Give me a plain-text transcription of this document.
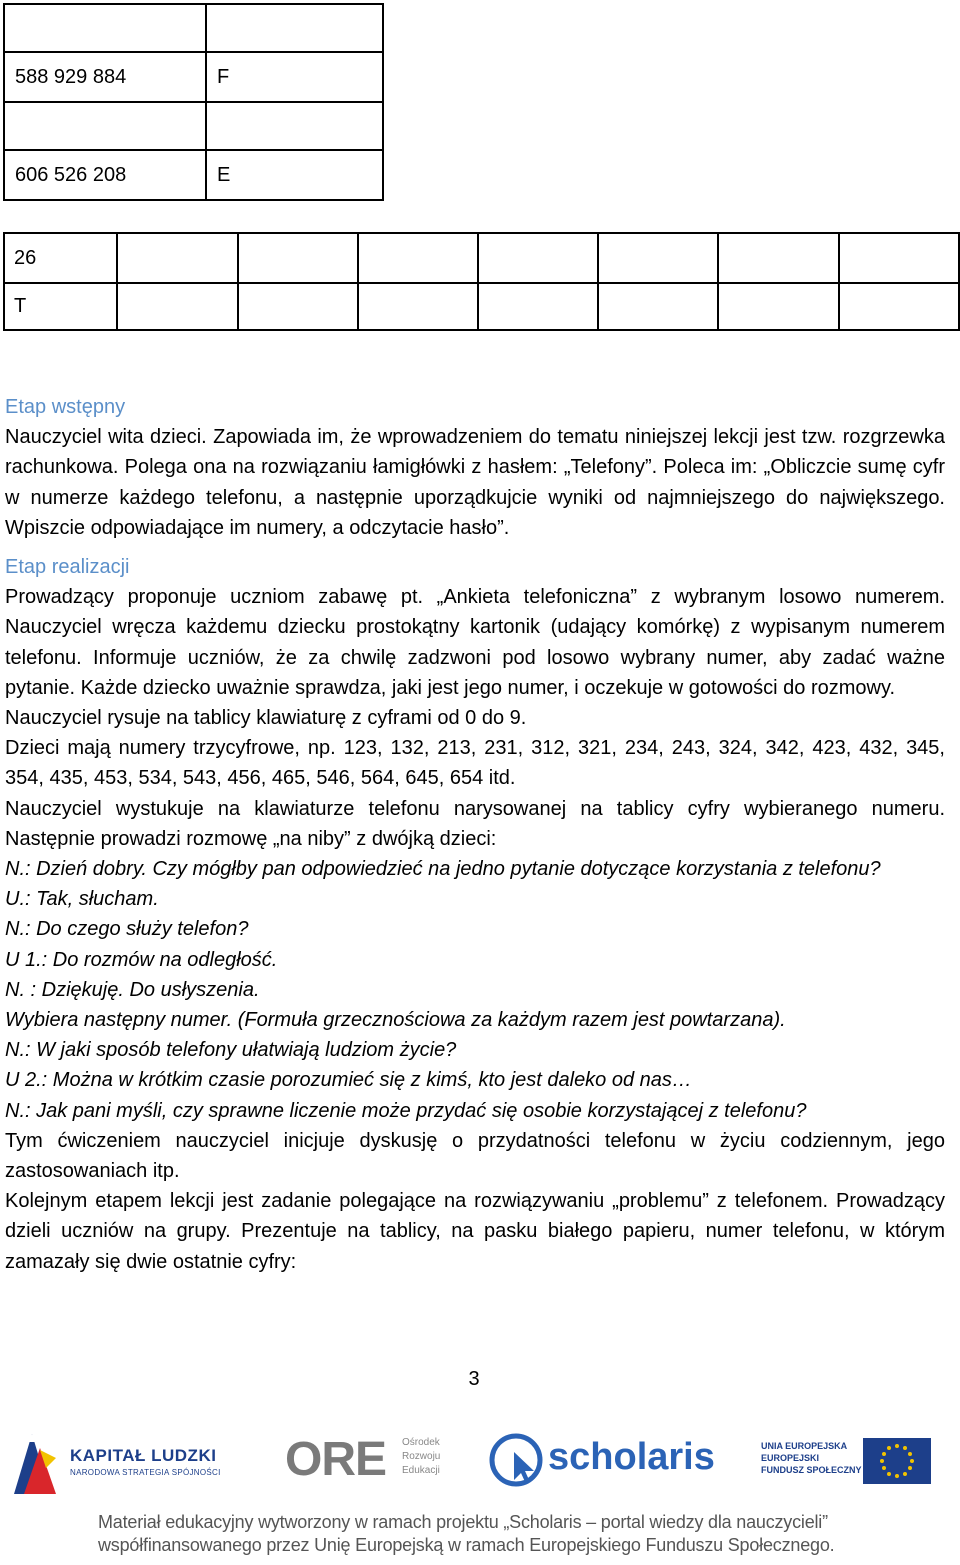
588 929 884	F

606 526 208	E
26							
T							

Etap wstępny

Nauczyciel wita dzieci. Zapowiada im, że wprowadzeniem do tematu niniejszej lekcji jest tzw. rozgrzewka rachunkowa. Polega ona na rozwiązaniu łamigłówki z hasłem: „Telefony”. Poleca im: „Obliczcie sumę cyfr w numerze każdego telefonu, a następnie uporządkujcie wyniki od najmniejszego do największego. Wpiszcie odpowiadające im numery, a odczytacie hasło”.

Etap realizacji

Prowadzący proponuje uczniom zabawę pt. „Ankieta telefoniczna” z wybranym losowo numerem. Nauczyciel wręcza każdemu dziecku prostokątny kartonik (udający komórkę) z wypisanym numerem telefonu. Informuje uczniów, że za chwilę zadzwoni pod losowo wybrany numer, aby zadać ważne pytanie. Każde dziecko uważnie sprawdza, jaki jest jego numer, i oczekuje w gotowości do rozmowy.

Nauczyciel rysuje na tablicy klawiaturę z cyframi od 0 do 9.

Dzieci mają numery trzycyfrowe, np. 123, 132, 213, 231, 312, 321, 234, 243, 324, 342, 423, 432, 345, 354, 435, 453, 534, 543, 456, 465, 546, 564, 645, 654 itd.

Nauczyciel wystukuje na klawiaturze telefonu narysowanej na tablicy cyfry wybieranego numeru. Następnie prowadzi rozmowę „na niby” z dwójką dzieci:

N.: Dzień dobry. Czy mógłby pan odpowiedzieć na jedno pytanie dotyczące korzystania z telefonu?

U.: Tak, słucham.

N.: Do czego służy telefon?

U 1.: Do rozmów na odległość.

N. : Dziękuję. Do usłyszenia.

Wybiera następny numer. (Formuła grzecznościowa za każdym razem jest powtarzana).

N.: W jaki sposób telefony ułatwiają ludziom życie?

U 2.: Można w krótkim czasie porozumieć się z kimś, kto jest daleko od nas…

N.: Jak pani myśli, czy sprawne liczenie może przydać się osobie korzystającej z telefonu?

Tym ćwiczeniem nauczyciel inicjuje dyskusję o przydatności telefonu w życiu codziennym, jego zastosowaniach itp.

Kolejnym etapem lekcji jest zadanie polegające na rozwiązywaniu „problemu” z telefonem. Prowadzący dzieli uczniów na grupy. Prezentuje na tablicy, na pasku białego papieru, numer telefonu, w którym zamazały się dwie ostatnie cyfry:

3
KAPITAŁ LUDZKI
NARODOWA STRATEGIA SPÓJNOŚCI ORE Ośrodek
Rozwoju
Edukacji	scholaris	UNIA EUROPEJSKA
EUROPEJSKI
FUNDUSZ SPOŁECZNY
Materiał edukacyjny wytworzony w ramach projektu „Scholaris – portal wiedzy dla nauczycieli”
współfinansowanego przez Unię Europejską w ramach Europejskiego Funduszu Społecznego.
